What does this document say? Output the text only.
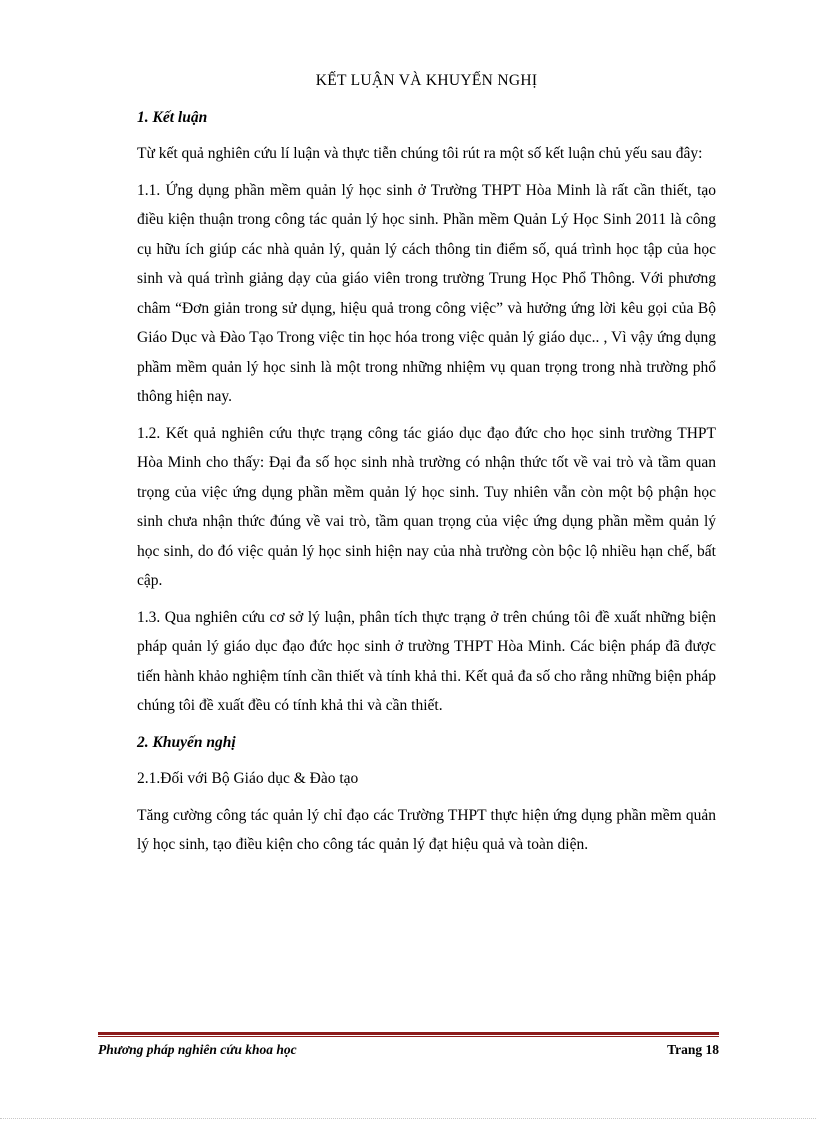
KẾT LUẬN VÀ KHUYẾN NGHỊ
1. Kết luận

Từ kết quả nghiên cứu lí luận và thực tiễn chúng tôi rút ra một số kết luận chủ yếu sau đây:

1.1. Ứng dụng phần mềm quản lý học sinh ở Trường THPT Hòa Minh là rất cần thiết, tạo điều kiện thuận trong công tác quản lý học sinh. Phần mềm Quản Lý Học Sinh 2011 là công cụ hữu ích giúp các nhà quản lý, quản lý cách thông tin điểm số, quá trình học tập của học sinh và quá trình giảng dạy của giáo viên trong trường Trung Học Phổ Thông. Với phương châm “Đơn giản trong sử dụng, hiệu quả trong công việc” và hưởng ứng lời kêu gọi của Bộ Giáo Dục và Đào Tạo Trong việc tin học hóa trong việc quản lý giáo dục.. , Vì vậy ứng dụng phầm mềm quản lý học sinh là một trong những nhiệm vụ quan trọng trong nhà trường phổ thông hiện nay.

1.2. Kết quả nghiên cứu thực trạng công tác giáo dục đạo đức cho học sinh trường THPT Hòa Minh cho thấy: Đại đa số học sinh nhà trường có nhận thức tốt về vai trò và tầm quan trọng của việc ứng dụng phần mềm quản lý học sinh. Tuy nhiên vẫn còn một bộ phận học sinh chưa nhận thức đúng về vai trò, tầm quan trọng của việc ứng dụng phần mềm quản lý học sinh, do đó việc quản lý học sinh hiện nay của nhà trường còn bộc lộ nhiều hạn chế, bất cập.

1.3. Qua nghiên cứu cơ sở lý luận, phân tích thực trạng ở trên chúng tôi đề xuất những biện pháp quản lý giáo dục đạo đức học sinh ở trường THPT Hòa Minh. Các biện pháp đã được tiến hành khảo nghiệm tính cần thiết và tính khả thi. Kết quả đa số cho rằng những biện pháp chúng tôi đề xuất đều có tính khả thi và cần thiết.

2. Khuyến nghị

2.1.Đối với Bộ Giáo dục & Đào tạo

Tăng cường công tác quản lý chỉ đạo các Trường THPT thực hiện ứng dụng phần mềm quản lý học sinh, tạo điều kiện cho công tác quản lý đạt hiệu quả và toàn diện.

Phương pháp nghiên cứu khoa học	Trang 18
